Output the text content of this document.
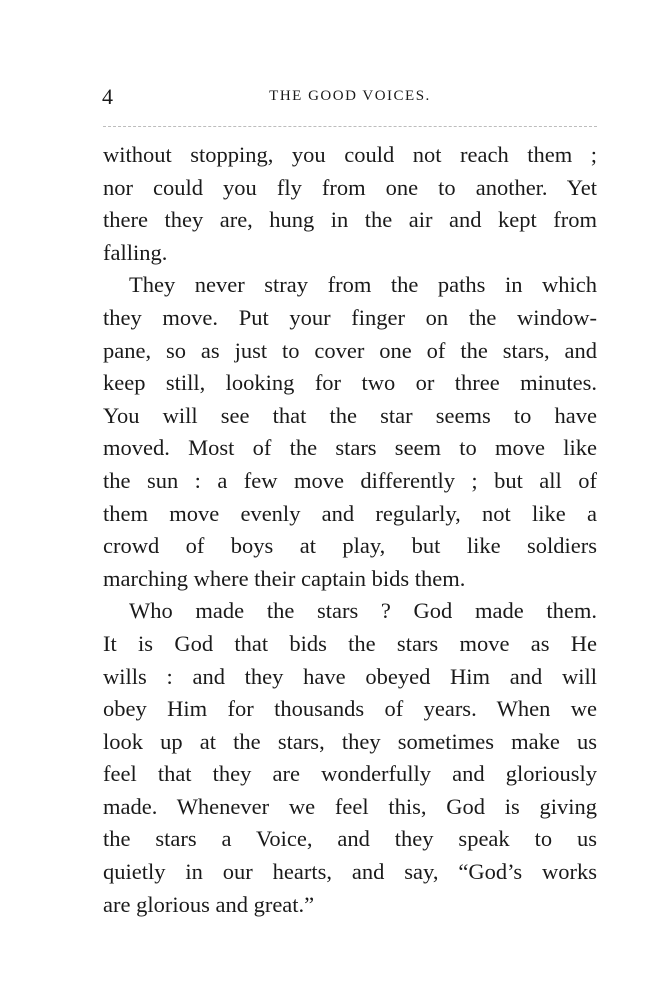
4	THE GOOD VOICES.
without stopping, you could not reach them ;
nor could you fly from one to another. Yet
there they are, hung in the air and kept from
falling.
They never stray from the paths in which
they move. Put your finger on the window-
pane, so as just to cover one of the stars, and
keep still, looking for two or three minutes.
You will see that the star seems to have
moved. Most of the stars seem to move like
the sun : a few move differently ; but all of
them move evenly and regularly, not like a
crowd of boys at play, but like soldiers
marching where their captain bids them.
Who made the stars ? God made them.
It is God that bids the stars move as He
wills : and they have obeyed Him and will
obey Him for thousands of years. When we
look up at the stars, they sometimes make us
feel that they are wonderfully and gloriously
made. Whenever we feel this, God is giving
the stars a Voice, and they speak to us
quietly in our hearts, and say, “God’s works
are glorious and great.”
